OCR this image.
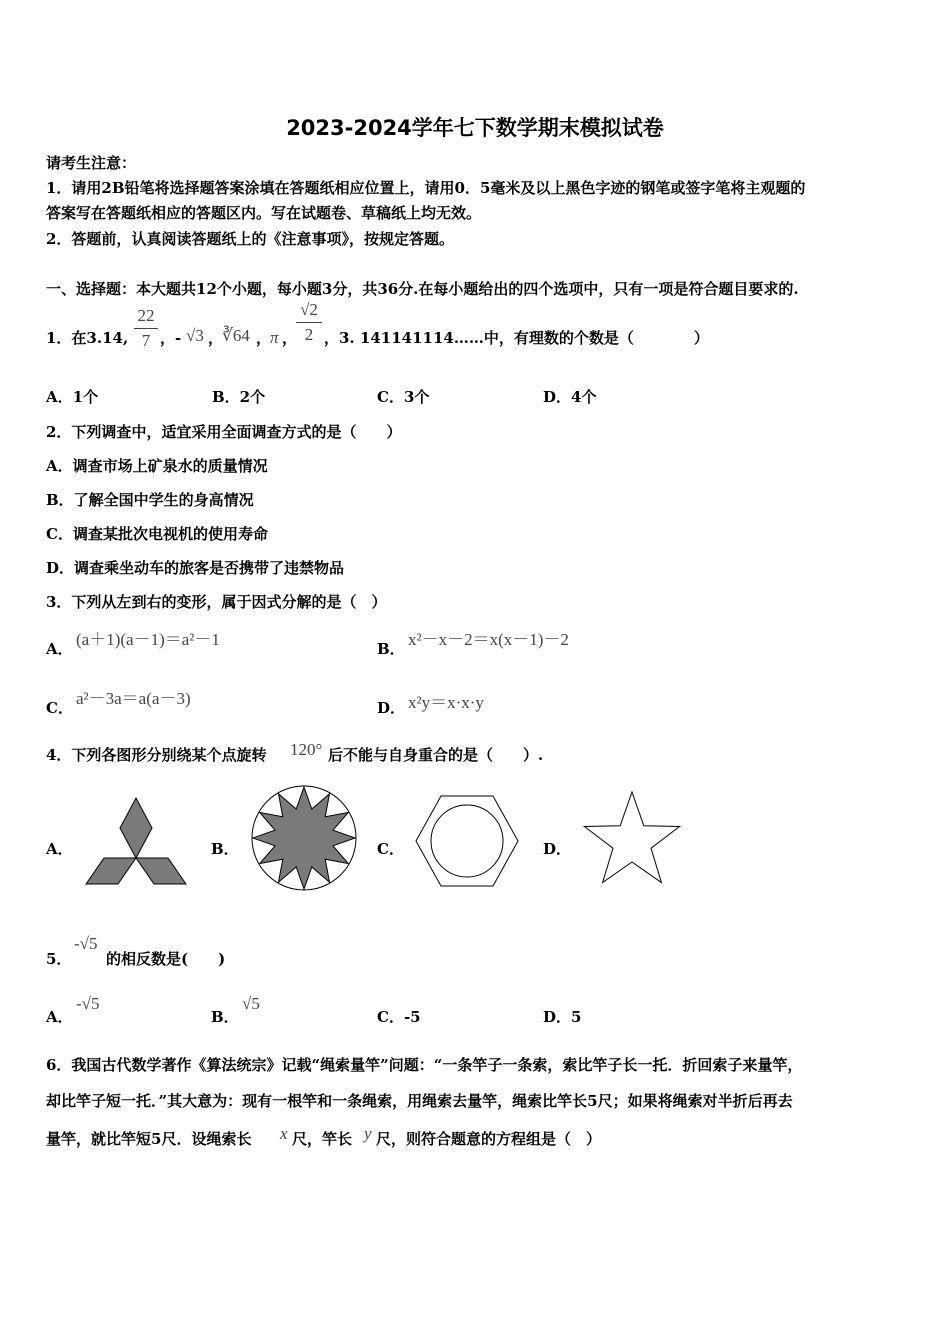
2023-2024学年七下数学期末模拟试卷
请考生注意：
1．请用2B铅笔将选择题答案涂填在答题纸相应位置上，请用0．5毫米及以上黑色字迹的钢笔或签字笔将主观题的
答案写在答题纸相应的答题区内。写在试题卷、草稿纸上均无效。
2．答题前，认真阅读答题纸上的《注意事项》，按规定答题。
一、选择题：本大题共12个小题，每小题3分，共36分.在每小题给出的四个选项中，只有一项是符合题目要求的.
1．在3.14,
22
7 ，- √3 ，
∛64 ，
π ，
√2
2 ，3. 141141114……中，有理数的个数是（　　　　）
A．1个	B．2个	C．3个	D．4个
2．下列调查中，适宜采用全面调查方式的是（　　）
A．调查市场上矿泉水的质量情况
B．了解全国中学生的身高情况
C．调查某批次电视机的使用寿命
D．调查乘坐动车的旅客是否携带了违禁物品
3．下列从左到右的变形，属于因式分解的是（　）
A． (a＋1)(a－1)＝a²－1	B． x²－x－2＝x(x－1)－2
C． a²－3a＝a(a－3)	D． x²y＝x·x·y
4．下列各图形分别绕某个点旋转 120° 后不能与自身重合的是（　　）.
A．	B．	C．	D．
5．
-√5
的相反数是(　　)
A．
-√5
B．
√5
C．-5	D．5
6．我国古代数学著作《算法统宗》记载“绳索量竿”问题：“一条竿子一条索，索比竿子长一托．折回索子来量竿，
却比竿子短一托．”其大意为：现有一根竿和一条绳索，用绳索去量竿，绳索比竿长5尺；如果将绳索对半折后再去
量竿，就比竿短5尺．设绳索长 x 尺，竿长 y 尺，则符合题意的方程组是（　）
